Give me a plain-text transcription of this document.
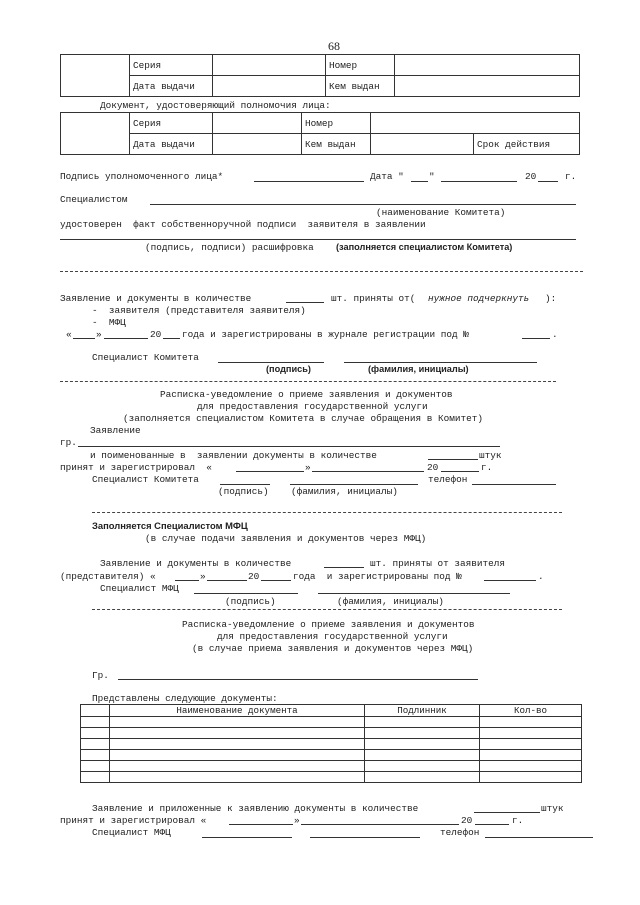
68
	Серия		Номер	
	Дата выдачи		Кем выдан	
Документ, удостоверяющий полномочия лица:
	Серия		Номер		
	Дата выдачи		Кем выдан		Срок действия
Подпись уполномоченного лица*	Дата "	"	20	г.
Специалистом
(наименование Комитета)
удостоверен  факт собственноручной подписи  заявителя в заявлении
(подпись, подписи) расшифровка (заполняется специалистом Комитета)
Заявление и документы в количестве	шт. приняты от( нужное подчеркнуть ):
-  заявителя (представителя заявителя)
-  МФЦ
«	»	20 года и зарегистрированы в журнале регистрации под №	.
Специалист Комитета
(подпись)	(фамилия, инициалы)
Расписка-уведомление о приеме заявления и документов
для предоставления государственной услуги
(заполняется специалистом Комитета в случае обращения в Комитет)
Заявление
гр.
и поименованные в  заявлении документы в количестве	штук
принят и зарегистрировал  «	»	20	г.
Специалист Комитета	телефон
(подпись) (фамилия, инициалы)
Заполняется Специалистом МФЦ
(в случае подачи заявления и документов через МФЦ)
Заявление и документы в количестве	шт. приняты от заявителя
(представителя) «	»	20	года  и зарегистрированы под №	.
Специалист МФЦ
(подпись)	(фамилия, инициалы)
Расписка-уведомление о приеме заявления и документов
для предоставления государственной услуги
(в случае приема заявления и документов через МФЦ)
Гр.
Представлены следующие документы:
	Наименование документа	Подлинник	Кол-во

Заявление и приложенные к заявлению документы в количестве	штук
принят и зарегистрировал «	»	20	г.
Специалист МФЦ	телефон
